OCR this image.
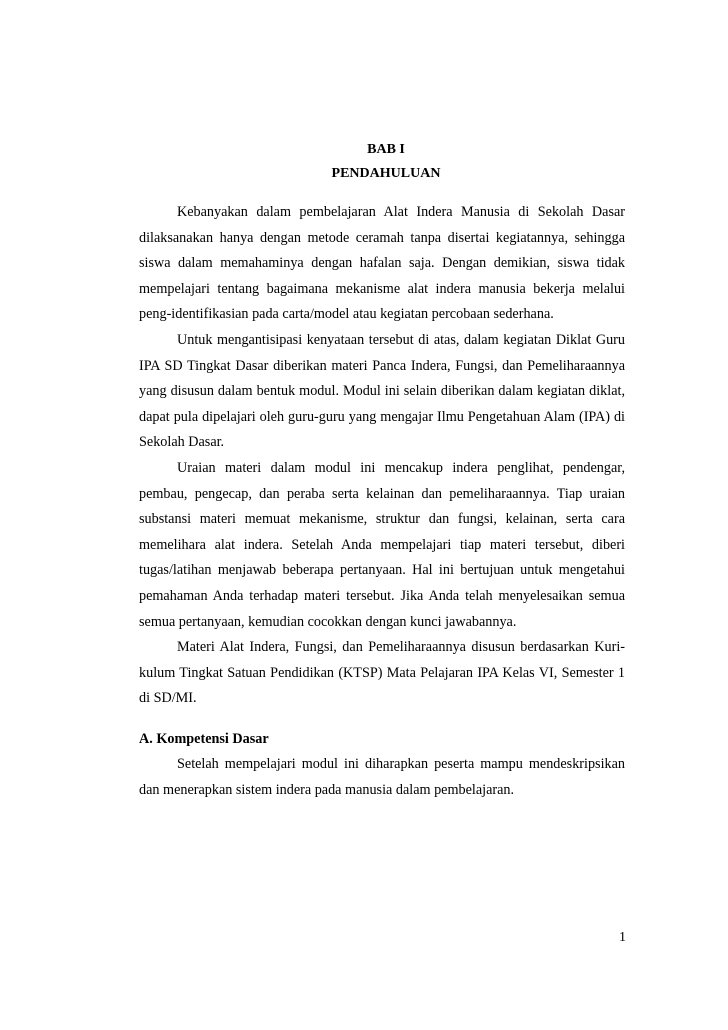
BAB I
PENDAHULUAN

Kebanyakan dalam pembelajaran Alat Indera Manusia di Sekolah Dasar dilaksanakan hanya dengan metode ceramah tanpa disertai kegiatannya, sehingga siswa dalam memahaminya dengan hafalan saja. Dengan demikian, siswa tidak mempelajari tentang bagaimana mekanisme alat indera manusia bekerja melalui peng-identifikasian pada carta/model atau kegiatan percobaan sederhana.

Untuk mengantisipasi kenyataan tersebut di atas, dalam kegiatan Diklat Guru IPA SD Tingkat Dasar diberikan materi Panca Indera, Fungsi, dan Pemeliharaannya yang disusun dalam bentuk modul. Modul ini selain diberikan dalam kegiatan diklat, dapat pula dipelajari oleh guru-guru yang mengajar Ilmu Pengetahuan Alam (IPA) di Sekolah Dasar.

Uraian materi dalam modul ini mencakup indera penglihat, pendengar, pembau, pengecap, dan peraba serta kelainan dan pemeliharaannya. Tiap uraian substansi materi memuat mekanisme, struktur dan fungsi, kelainan, serta cara memelihara alat indera. Setelah Anda mempelajari tiap materi tersebut, diberi tugas/latihan menjawab beberapa pertanyaan. Hal ini bertujuan untuk mengetahui pemahaman Anda terhadap materi tersebut. Jika Anda telah menyelesaikan semua semua pertanyaan, kemudian cocokkan dengan kunci jawabannya.

Materi Alat Indera, Fungsi, dan Pemeliharaannya disusun berdasarkan Kuri-kulum Tingkat Satuan Pendidikan (KTSP) Mata Pelajaran IPA Kelas VI, Semester 1 di SD/MI.

A. Kompetensi Dasar

Setelah mempelajari modul ini diharapkan peserta mampu mendeskripsikan dan menerapkan sistem indera pada manusia dalam pembelajaran.

1
